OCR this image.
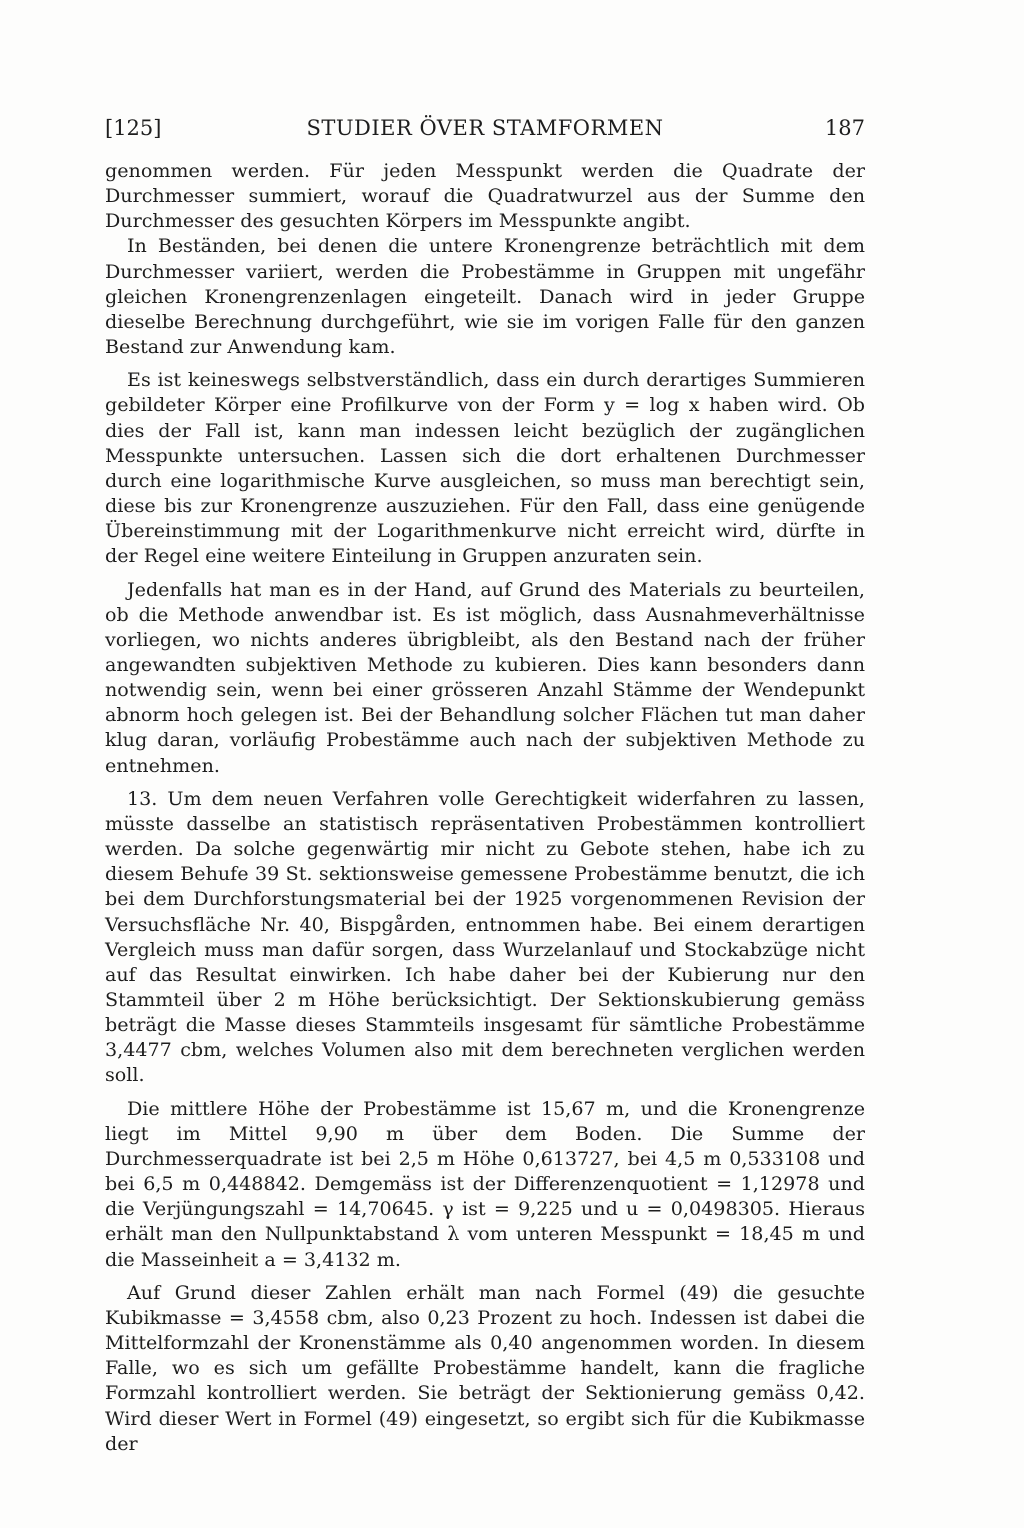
[125]	STUDIER ÖVER STAMFORMEN	187

genommen werden. Für jeden Messpunkt werden die Quadrate der Durchmesser summiert, worauf die Quadratwurzel aus der Summe den Durchmesser des gesuchten Körpers im Messpunkte angibt.

In Beständen, bei denen die untere Kronengrenze beträchtlich mit dem Durchmesser variiert, werden die Probestämme in Gruppen mit ungefähr gleichen Kronengrenzenlagen eingeteilt. Danach wird in jeder Gruppe dieselbe Berechnung durchgeführt, wie sie im vorigen Falle für den ganzen Bestand zur Anwendung kam.

Es ist keineswegs selbstverständlich, dass ein durch derartiges Summieren gebildeter Körper eine Profilkurve von der Form y = log x haben wird. Ob dies der Fall ist, kann man indessen leicht bezüglich der zugänglichen Messpunkte untersuchen. Lassen sich die dort erhaltenen Durchmesser durch eine logarithmische Kurve ausgleichen, so muss man berechtigt sein, diese bis zur Kronengrenze auszuziehen. Für den Fall, dass eine genügende Übereinstimmung mit der Logarithmenkurve nicht erreicht wird, dürfte in der Regel eine weitere Einteilung in Gruppen anzuraten sein.

Jedenfalls hat man es in der Hand, auf Grund des Materials zu beurteilen, ob die Methode anwendbar ist. Es ist möglich, dass Ausnahmeverhältnisse vorliegen, wo nichts anderes übrigbleibt, als den Bestand nach der früher angewandten subjektiven Methode zu kubieren. Dies kann besonders dann notwendig sein, wenn bei einer grösseren Anzahl Stämme der Wendepunkt abnorm hoch gelegen ist. Bei der Behandlung solcher Flächen tut man daher klug daran, vorläufig Probestämme auch nach der subjektiven Methode zu entnehmen.

13. Um dem neuen Verfahren volle Gerechtigkeit widerfahren zu lassen, müsste dasselbe an statistisch repräsentativen Probestämmen kontrolliert werden. Da solche gegenwärtig mir nicht zu Gebote stehen, habe ich zu diesem Behufe 39 St. sektionsweise gemessene Probestämme benutzt, die ich bei dem Durchforstungsmaterial bei der 1925 vorgenommenen Revision der Versuchsfläche Nr. 40, Bispgården, entnommen habe. Bei einem derartigen Vergleich muss man dafür sorgen, dass Wurzelanlauf und Stockabzüge nicht auf das Resultat einwirken. Ich habe daher bei der Kubierung nur den Stammteil über 2 m Höhe berücksichtigt. Der Sektionskubierung gemäss beträgt die Masse dieses Stammteils insgesamt für sämtliche Probestämme 3,4477 cbm, welches Volumen also mit dem berechneten verglichen werden soll.

Die mittlere Höhe der Probestämme ist 15,67 m, und die Kronengrenze liegt im Mittel 9,90 m über dem Boden. Die Summe der Durchmesserquadrate ist bei 2,5 m Höhe 0,613727, bei 4,5 m 0,533108 und bei 6,5 m 0,448842. Demgemäss ist der Differenzenquotient = 1,12978 und die Verjüngungszahl = 14,70645. γ ist = 9,225 und u = 0,0498305. Hieraus erhält man den Nullpunktabstand λ vom unteren Messpunkt = 18,45 m und die Masseinheit a = 3,4132 m.

Auf Grund dieser Zahlen erhält man nach Formel (49) die gesuchte Kubikmasse = 3,4558 cbm, also 0,23 Prozent zu hoch. Indessen ist dabei die Mittelformzahl der Kronenstämme als 0,40 angenommen worden. In diesem Falle, wo es sich um gefällte Probestämme handelt, kann die fragliche Formzahl kontrolliert werden. Sie beträgt der Sektionierung gemäss 0,42. Wird dieser Wert in Formel (49) eingesetzt, so ergibt sich für die Kubikmasse der
